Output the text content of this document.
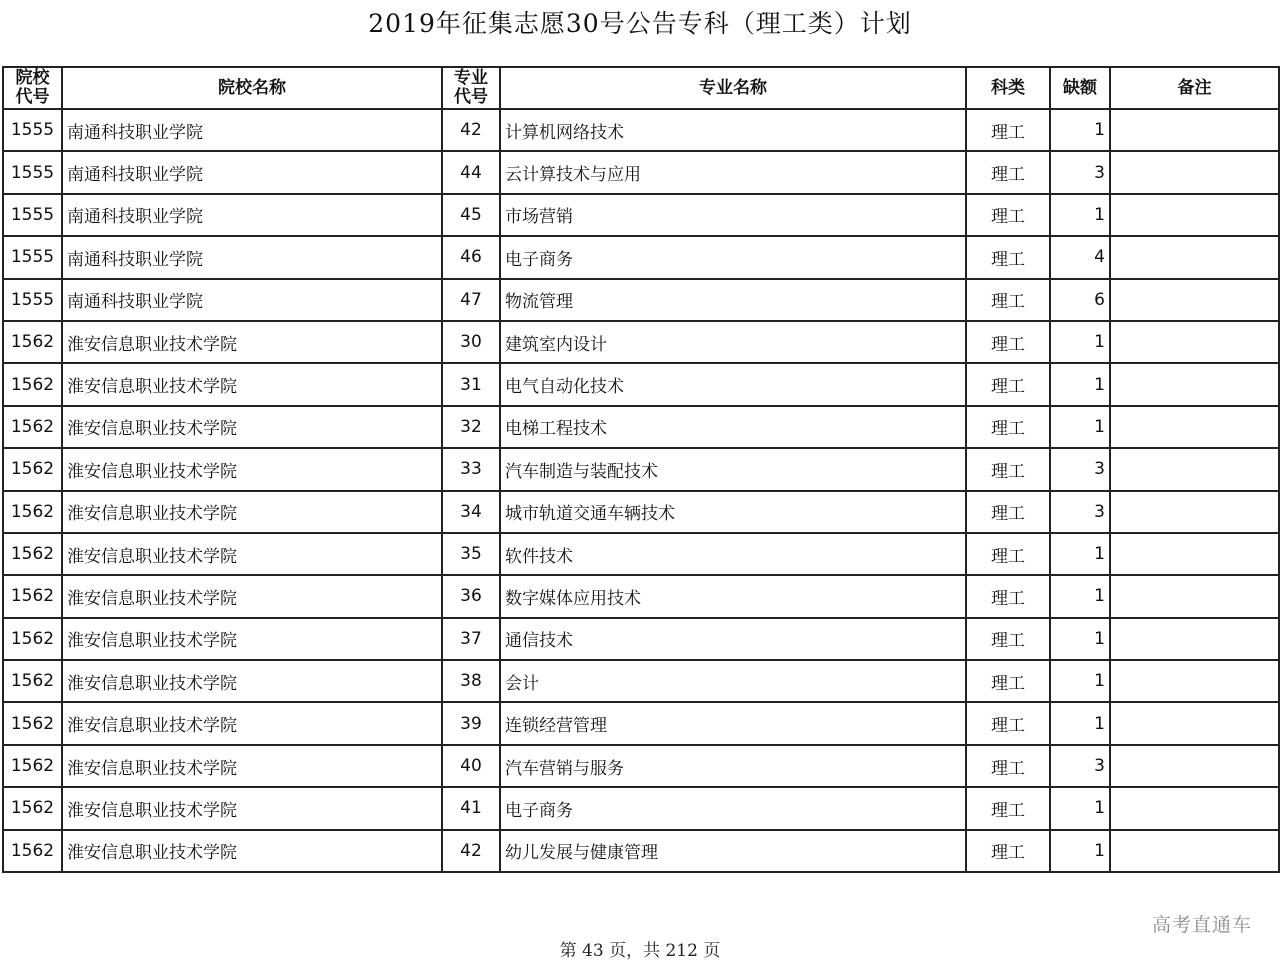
2019年征集志愿30号公告专科（理工类）计划
院校代号	院校名称	专业代号	专业名称	科类	缺额	备注
1555	南通科技职业学院	42	计算机网络技术	理工	1	
1555	南通科技职业学院	44	云计算技术与应用	理工	3	
1555	南通科技职业学院	45	市场营销	理工	1	
1555	南通科技职业学院	46	电子商务	理工	4	
1555	南通科技职业学院	47	物流管理	理工	6	
1562	淮安信息职业技术学院	30	建筑室内设计	理工	1	
1562	淮安信息职业技术学院	31	电气自动化技术	理工	1	
1562	淮安信息职业技术学院	32	电梯工程技术	理工	1	
1562	淮安信息职业技术学院	33	汽车制造与装配技术	理工	3	
1562	淮安信息职业技术学院	34	城市轨道交通车辆技术	理工	3	
1562	淮安信息职业技术学院	35	软件技术	理工	1	
1562	淮安信息职业技术学院	36	数字媒体应用技术	理工	1	
1562	淮安信息职业技术学院	37	通信技术	理工	1	
1562	淮安信息职业技术学院	38	会计	理工	1	
1562	淮安信息职业技术学院	39	连锁经营管理	理工	1	
1562	淮安信息职业技术学院	40	汽车营销与服务	理工	3	
1562	淮安信息职业技术学院	41	电子商务	理工	1	
1562	淮安信息职业技术学院	42	幼儿发展与健康管理	理工	1	
高考直通车
第 43 页，共 212 页
